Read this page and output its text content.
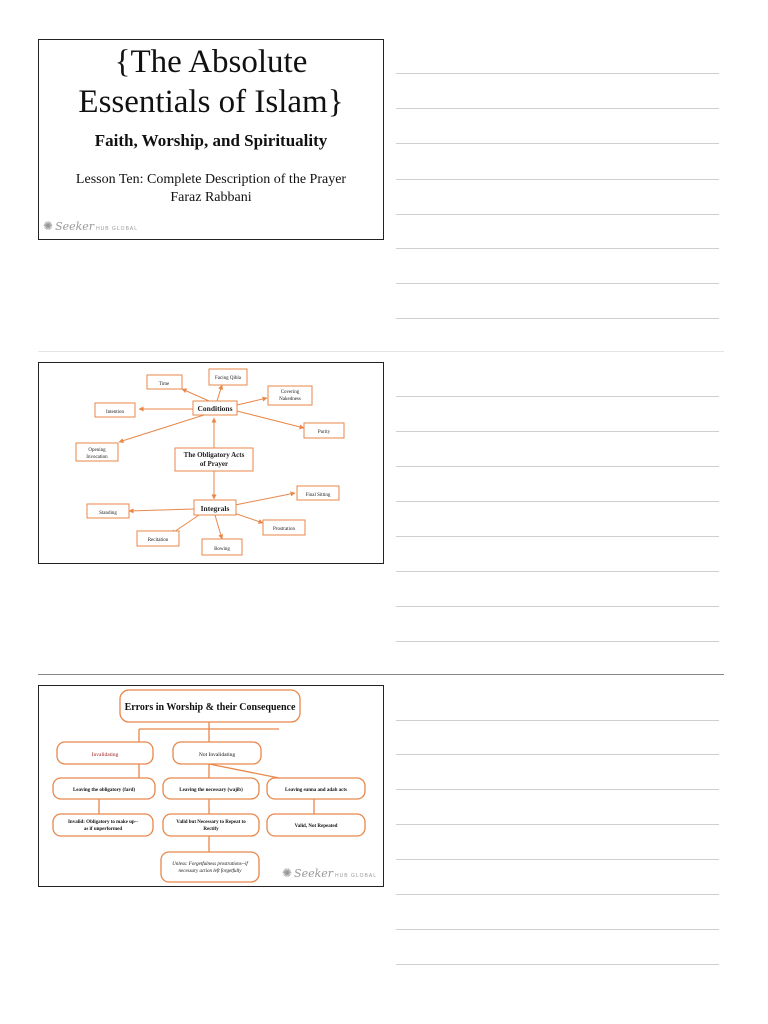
{The Absolute
Essentials of Islam}
Faith, Worship, and Spirituality
Lesson Ten: Complete Description of the Prayer
Faraz Rabbani
✺ Seeker HUB GLOBAL
The Obligatory Acts
of Prayer
Conditions
Integrals
Time
Facing Qibla
Covering
Nakedness
Intention
Purity
Opening
Invocation
Final Sitting
Standing
Prostration
Recitation
Bowing
Errors in Worship & their Consequence
Invalidating	Not Invalidating
Leaving the obligatory (fard)	Leaving the necessary (wajib)	Leaving sunna and adab acts
Invalid: Obligatory to make up--
as if unperformed
Valid but Necessary to Repeat to
Rectify
Valid, Not Repeated
Unless: Forgetfulness prostrations--if
necessary action left forgetfully	✺ Seeker HUB GLOBAL
